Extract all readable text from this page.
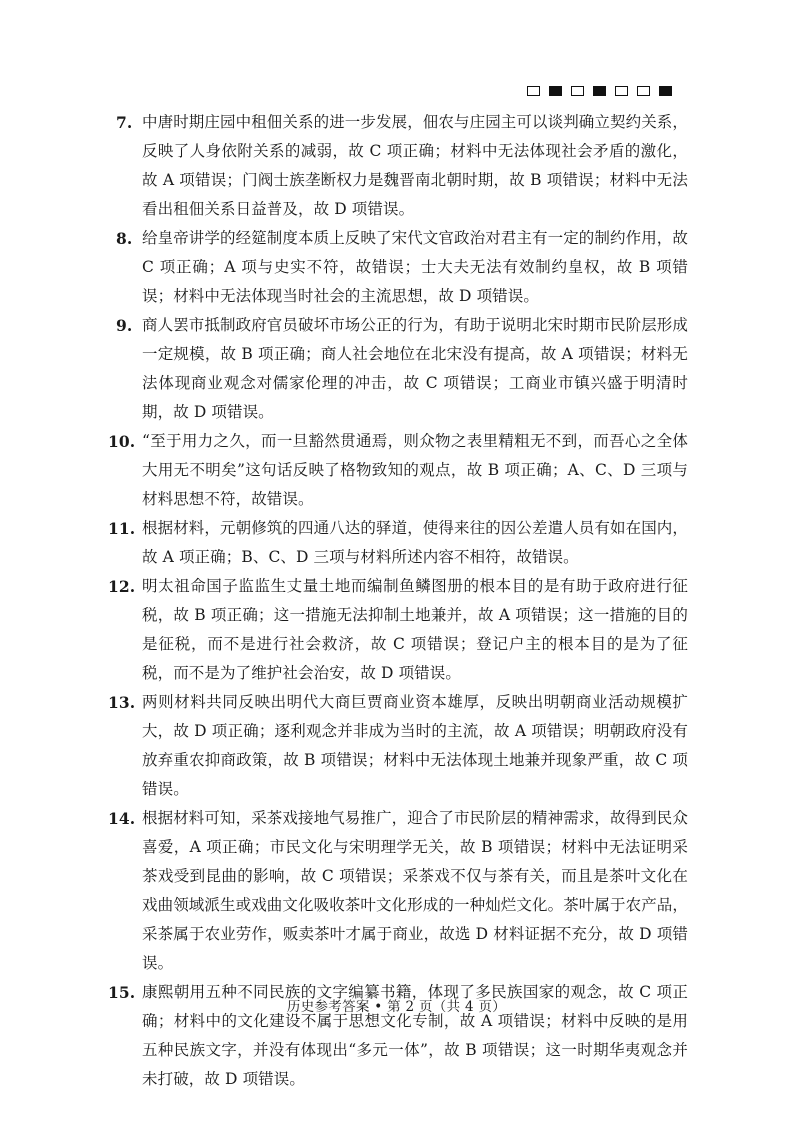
7. 中唐时期庄园中租佃关系的进一步发展，佃农与庄园主可以谈判确立契约关系，反映了人身依附关系的减弱，故 C 项正确；材料中无法体现社会矛盾的激化，故 A 项错误；门阀士族垄断权力是魏晋南北朝时期，故 B 项错误；材料中无法看出租佃关系日益普及，故 D 项错误。
8. 给皇帝讲学的经筵制度本质上反映了宋代文官政治对君主有一定的制约作用，故 C 项正确；A 项与史实不符，故错误；士大夫无法有效制约皇权，故 B 项错误；材料中无法体现当时社会的主流思想，故 D 项错误。
9. 商人罢市抵制政府官员破坏市场公正的行为，有助于说明北宋时期市民阶层形成一定规模，故 B 项正确；商人社会地位在北宋没有提高，故 A 项错误；材料无法体现商业观念对儒家伦理的冲击，故 C 项错误；工商业市镇兴盛于明清时期，故 D 项错误。
10. “至于用力之久，而一旦豁然贯通焉，则众物之表里精粗无不到，而吾心之全体大用无不明矣”这句话反映了格物致知的观点，故 B 项正确；A、C、D 三项与材料思想不符，故错误。
11. 根据材料，元朝修筑的四通八达的驿道，使得来往的因公差遣人员有如在国内，故 A 项正确；B、C、D 三项与材料所述内容不相符，故错误。
12. 明太祖命国子监监生丈量土地而编制鱼鳞图册的根本目的是有助于政府进行征税，故 B 项正确；这一措施无法抑制土地兼并，故 A 项错误；这一措施的目的是征税，而不是进行社会救济，故 C 项错误；登记户主的根本目的是为了征税，而不是为了维护社会治安，故 D 项错误。
13. 两则材料共同反映出明代大商巨贾商业资本雄厚，反映出明朝商业活动规模扩大，故 D 项正确；逐利观念并非成为当时的主流，故 A 项错误；明朝政府没有放弃重农抑商政策，故 B 项错误；材料中无法体现土地兼并现象严重，故 C 项错误。
14. 根据材料可知，采茶戏接地气易推广，迎合了市民阶层的精神需求，故得到民众喜爱，A 项正确；市民文化与宋明理学无关，故 B 项错误；材料中无法证明采茶戏受到昆曲的影响，故 C 项错误；采茶戏不仅与茶有关，而且是茶叶文化在戏曲领域派生或戏曲文化吸收茶叶文化形成的一种灿烂文化。茶叶属于农产品，采茶属于农业劳作，贩卖茶叶才属于商业，故选 D 材料证据不充分，故 D 项错误。
15. 康熙朝用五种不同民族的文字编纂书籍，体现了多民族国家的观念，故 C 项正确；材料中的文化建设不属于思想文化专制，故 A 项错误；材料中反映的是用五种民族文字，并没有体现出“多元一体”，故 B 项错误；这一时期华夷观念并未打破，故 D 项错误。
历史参考答案 • 第 2 页（共 4 页）
